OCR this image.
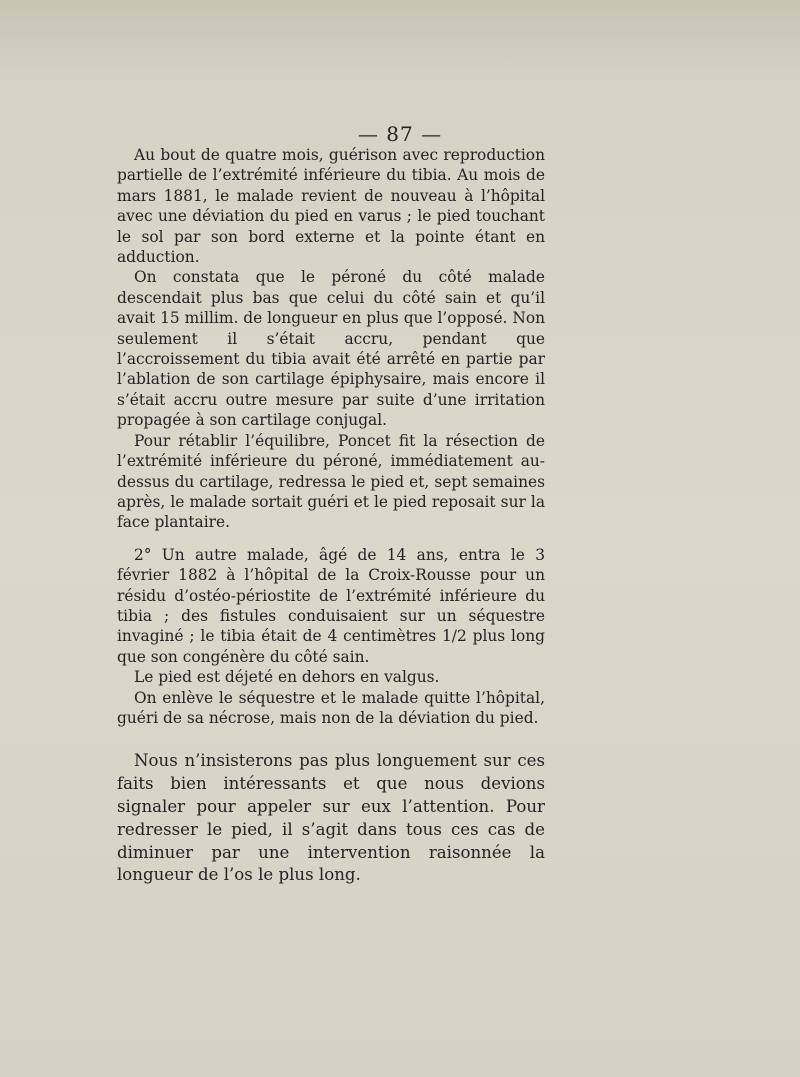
— 87 —

Au bout de quatre mois, guérison avec reproduction partielle de l’extrémité inférieure du tibia. Au mois de mars 1881, le malade revient de nouveau à l’hôpital avec une déviation du pied en varus ; le pied touchant le sol par son bord externe et la pointe étant en adduction.

On constata que le péroné du côté malade descendait plus bas que celui du côté sain et qu’il avait 15 millim. de longueur en plus que l’opposé. Non seulement il s’était accru, pendant que l’accroissement du tibia avait été arrêté en partie par l’ablation de son cartilage épiphysaire, mais encore il s’était accru outre mesure par suite d’une irritation propagée à son cartilage conjugal.

Pour rétablir l’équilibre, Poncet fit la résection de l’extrémité inférieure du péroné, immédiatement au-dessus du cartilage, redressa le pied et, sept semaines après, le malade sortait guéri et le pied reposait sur la face plantaire.

2° Un autre malade, âgé de 14 ans, entra le 3 février 1882 à l’hôpital de la Croix-Rousse pour un résidu d’ostéo-périostite de l’extrémité inférieure du tibia ; des fistules conduisaient sur un séquestre invaginé ; le tibia était de 4 centimètres 1/2 plus long que son congénère du côté sain.

Le pied est déjeté en dehors en valgus.

On enlève le séquestre et le malade quitte l’hôpital, guéri de sa nécrose, mais non de la déviation du pied.

Nous n’insisterons pas plus longuement sur ces faits bien intéressants et que nous devions signaler pour appeler sur eux l’attention. Pour redresser le pied, il s’agit dans tous ces cas de diminuer par une intervention raisonnée la longueur de l’os le plus long.
